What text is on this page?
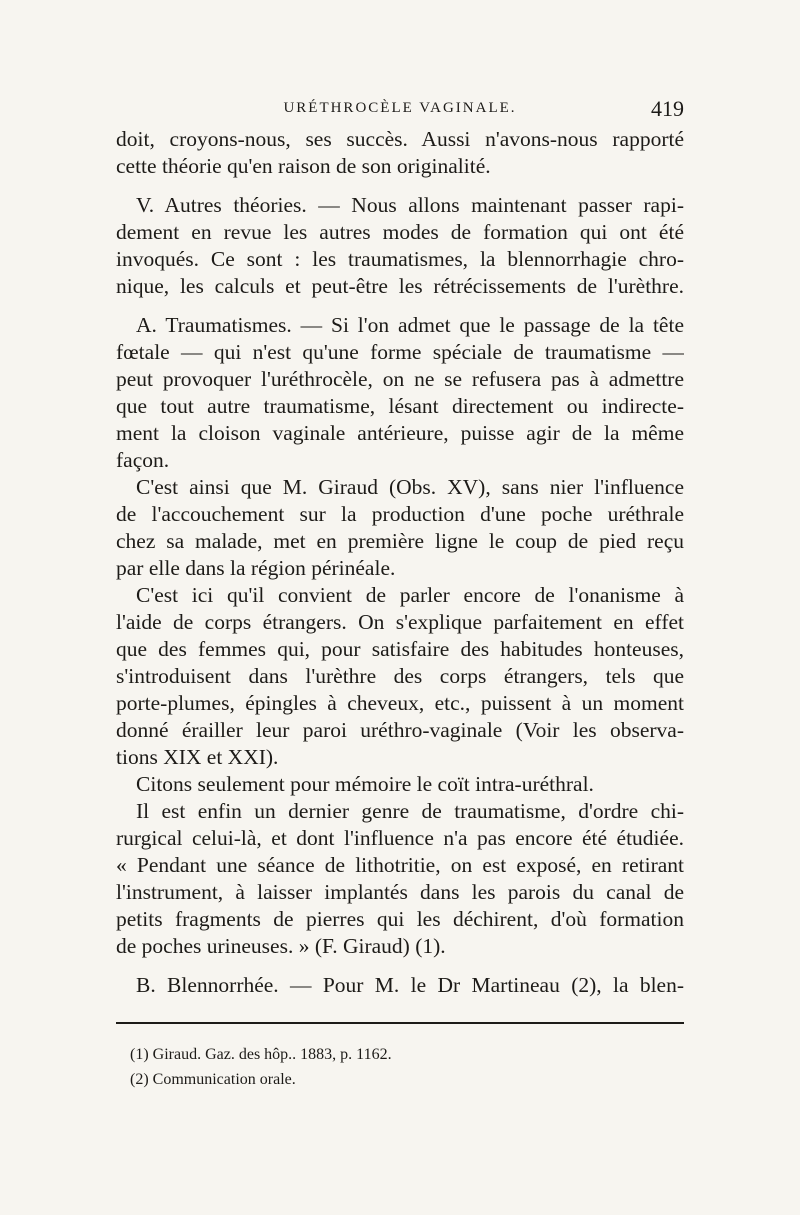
URÉTHROCÈLE VAGINALE.	419
doit, croyons-nous, ses succès. Aussi n'avons-nous rapporté
cette théorie qu'en raison de son originalité.
V. Autres théories. — Nous allons maintenant passer rapi-
dement en revue les autres modes de formation qui ont été
invoqués. Ce sont : les traumatismes, la blennorrhagie chro-
nique, les calculs et peut-être les rétrécissements de l'urèthre.
A. Traumatismes. — Si l'on admet que le passage de la tête
fœtale — qui n'est qu'une forme spéciale de traumatisme —
peut provoquer l'uréthrocèle, on ne se refusera pas à admettre
que tout autre traumatisme, lésant directement ou indirecte-
ment la cloison vaginale antérieure, puisse agir de la même
façon.
C'est ainsi que M. Giraud (Obs. XV), sans nier l'influence
de l'accouchement sur la production d'une poche uréthrale
chez sa malade, met en première ligne le coup de pied reçu
par elle dans la région périnéale.
C'est ici qu'il convient de parler encore de l'onanisme à
l'aide de corps étrangers. On s'explique parfaitement en effet
que des femmes qui, pour satisfaire des habitudes honteuses,
s'introduisent dans l'urèthre des corps étrangers, tels que
porte-plumes, épingles à cheveux, etc., puissent à un moment
donné érailler leur paroi uréthro-vaginale (Voir les observa-
tions XIX et XXI).
Citons seulement pour mémoire le coït intra-uréthral.
Il est enfin un dernier genre de traumatisme, d'ordre chi-
rurgical celui-là, et dont l'influence n'a pas encore été étudiée.
« Pendant une séance de lithotritie, on est exposé, en retirant
l'instrument, à laisser implantés dans les parois du canal de
petits fragments de pierres qui les déchirent, d'où formation
de poches urineuses. » (F. Giraud) (1).
B. Blennorrhée. — Pour M. le Dr Martineau (2), la blen-
(1) Giraud. Gaz. des hôp.. 1883, p. 1162.
(2) Communication orale.
